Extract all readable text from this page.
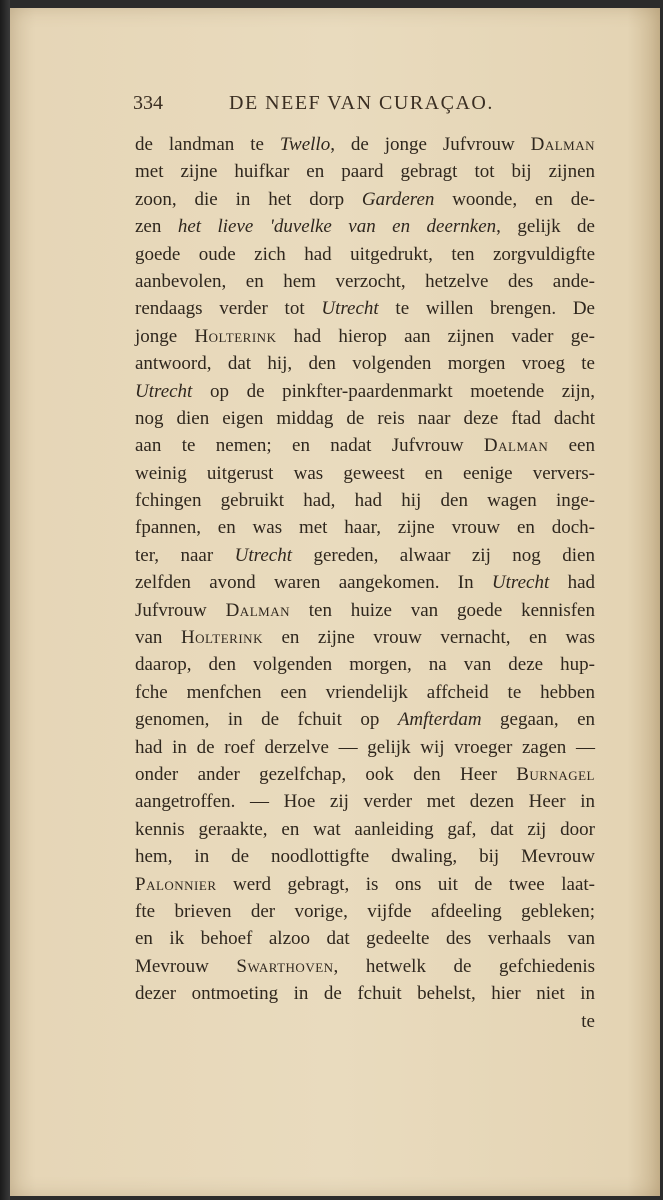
334	DE NEEF VAN CURAÇAO.
de landman te Twello, de jonge Jufvrouw Dalman
met zijne huifkar en paard gebragt tot bij zijnen
zoon, die in het dorp Garderen woonde, en de-
zen het lieve 'duvelke van en deernken, gelijk de
goede oude zich had uitgedrukt, ten zorgvuldigfte
aanbevolen, en hem verzocht, hetzelve des ande-
rendaags verder tot Utrecht te willen brengen. De
jonge Holterink had hierop aan zijnen vader ge-
antwoord, dat hij, den volgenden morgen vroeg te
Utrecht op de pinkfter-paardenmarkt moetende zijn,
nog dien eigen middag de reis naar deze ftad dacht
aan te nemen; en nadat Jufvrouw Dalman een
weinig uitgerust was geweest en eenige ververs-
fchingen gebruikt had, had hij den wagen inge-
fpannen, en was met haar, zijne vrouw en doch-
ter, naar Utrecht gereden, alwaar zij nog dien
zelfden avond waren aangekomen. In Utrecht had
Jufvrouw Dalman ten huize van goede kennisfen
van Holterink en zijne vrouw vernacht, en was
daarop, den volgenden morgen, na van deze hup-
fche menfchen een vriendelijk affcheid te hebben
genomen, in de fchuit op Amfterdam gegaan, en
had in de roef derzelve — gelijk wij vroeger zagen —
onder ander gezelfchap, ook den Heer Burnagel
aangetroffen. — Hoe zij verder met dezen Heer in
kennis geraakte, en wat aanleiding gaf, dat zij door
hem, in de noodlottigfte dwaling, bij Mevrouw
Palonnier werd gebragt, is ons uit de twee laat-
fte brieven der vorige, vijfde afdeeling gebleken;
en ik behoef alzoo dat gedeelte des verhaals van
Mevrouw Swarthoven, hetwelk de gefchiedenis
dezer ontmoeting in de fchuit behelst, hier niet in
te
